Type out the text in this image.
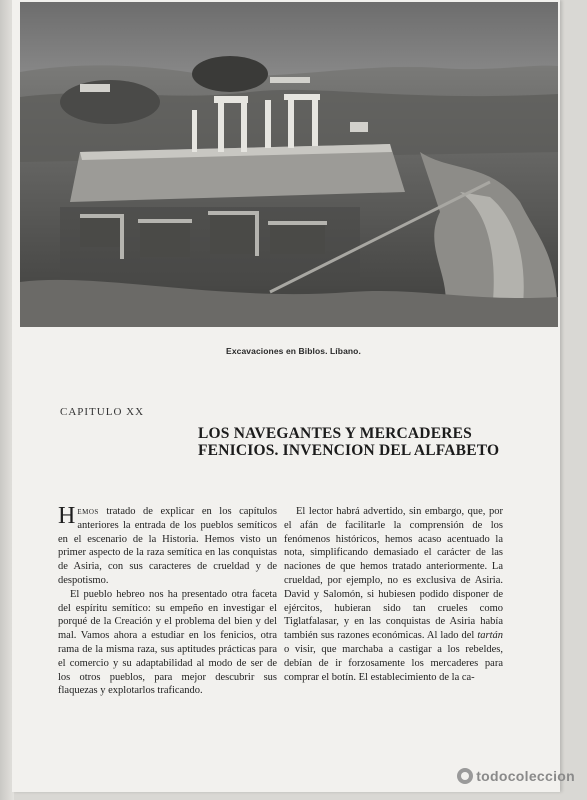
Excavaciones en Biblos. Líbano.
CAPITULO XX
LOS NAVEGANTES Y MERCADERES
FENICIOS. INVENCION DEL ALFABETO

Hemos tratado de explicar en los capítulos anteriores la entrada de los pueblos semíticos en el escenario de la Historia. Hemos visto un primer aspecto de la raza semítica en las conquistas de Asiria, con sus caracteres de crueldad y de despotismo.

El pueblo hebreo nos ha presentado otra faceta del espíritu semítico: su empeño en investigar el porqué de la Creación y el problema del bien y del mal. Vamos ahora a estudiar en los fenicios, otra rama de la misma raza, sus aptitudes prácticas para el comercio y su adaptabilidad al modo de ser de los otros pueblos, para mejor descubrir sus flaquezas y explotarlos traficando.

El lector habrá advertido, sin embargo, que, por el afán de facilitarle la comprensión de los fenómenos históricos, hemos acaso acentuado la nota, simplificando demasiado el carácter de las naciones de que hemos tratado anteriormente. La crueldad, por ejemplo, no es exclusiva de Asiria. David y Salomón, si hubiesen podido disponer de ejércitos, hubieran sido tan crueles como Tiglatfalasar, y en las conquistas de Asiria había también sus razones económicas. Al lado del tartán o visir, que marchaba a castigar a los rebeldes, debían de ir forzosamente los mercaderes para comprar el botín. El establecimiento de la ca-

todocoleccion
